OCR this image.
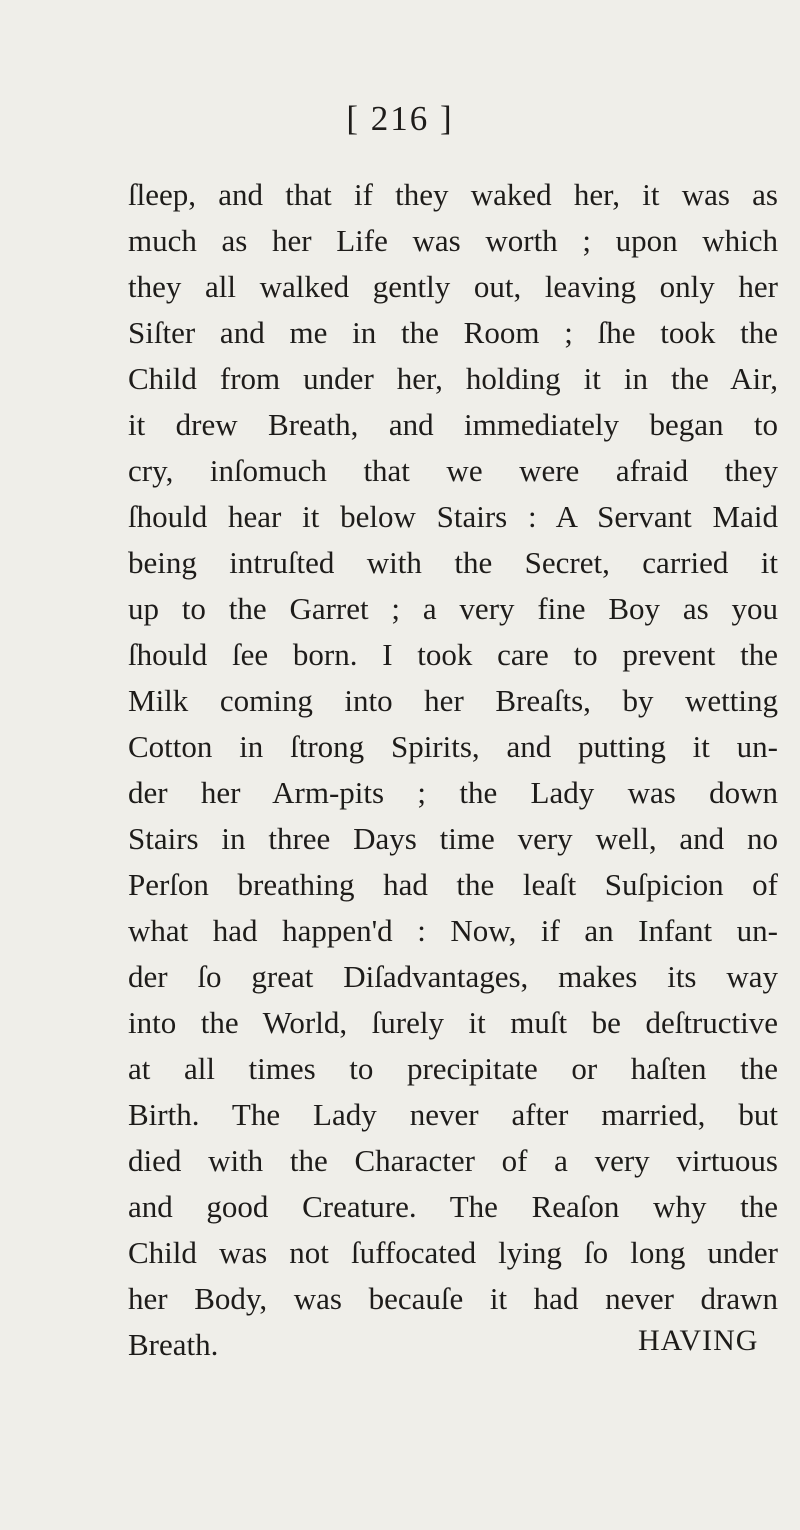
[ 216 ]
ſleep, and that if they waked her, it was as
much as her Life was worth ; upon which
they all walked gently out, leaving only her
Siſter and me in the Room ; ſhe took the
Child from under her, holding it in the Air,
it drew Breath, and immediately began to
cry, inſomuch that we were afraid they
ſhould hear it below Stairs : A Servant Maid
being intruſted with the Secret, carried it
up to the Garret ; a very fine Boy as you
ſhould ſee born. I took care to prevent the
Milk coming into her Breaſts, by wetting
Cotton in ſtrong Spirits, and putting it un-
der her Arm-pits ; the Lady was down
Stairs in three Days time very well, and no
Perſon breathing had the leaſt Suſpicion of
what had happen'd : Now, if an Infant un-
der ſo great Diſadvantages, makes its way
into the World, ſurely it muſt be deſtructive
at all times to precipitate or haſten the
Birth. The Lady never after married, but
died with the Character of a very virtuous
and good Creature. The Reaſon why the
Child was not ſuffocated lying ſo long under
her Body, was becauſe it had never drawn
Breath.	HAVING
